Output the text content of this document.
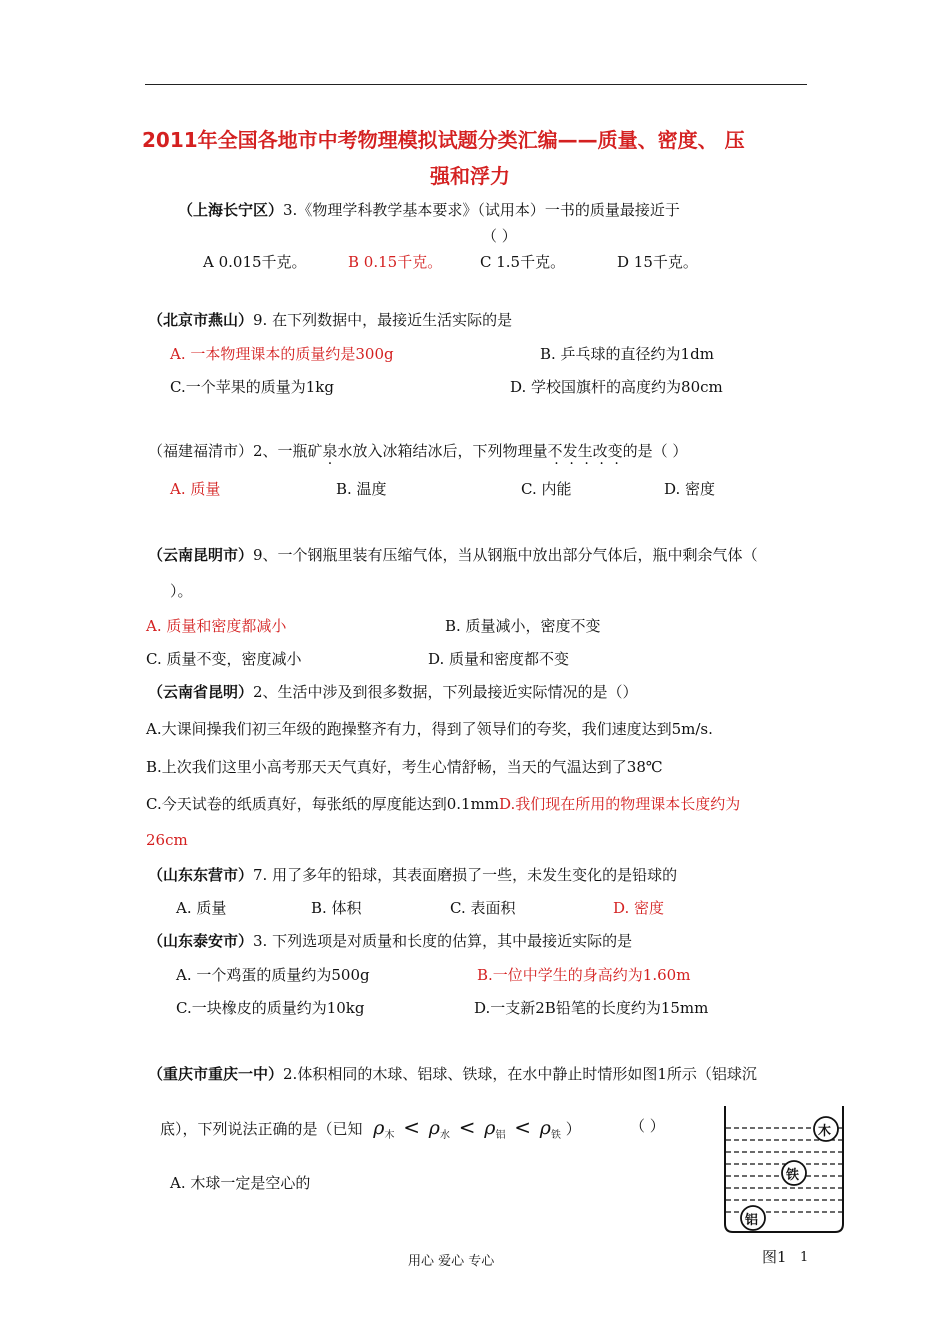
2011年全国各地市中考物理模拟试题分类汇编——质量、密度、 压
强和浮力
（上海长宁区）3.《物理学科教学基本要求》（试用本）一书的质量最接近于
（ ）
A 0.015千克。	B 0.15千克。	C 1.5千克。	D 15千克。
（北京市燕山）9. 在下列数据中，最接近生活实际的是
A. 一本物理课本的质量约是300g	B. 乒乓球的直径约为1dm
C.一个苹果的质量为1kg	D. 学校国旗杆的高度约为80cm
（福建福清市）2、一瓶矿泉水放入冰箱结冰后，下列物理量 .不发生改变的是（ ）
A. 质量	B. 温度	C. 内能	D. 密度
（云南昆明市）9、一个钢瓶里装有压缩气体，当从钢瓶中放出部分气体后，瓶中剩余气体（
）。
A. 质量和密度都减小	B. 质量减小，密度不变
C. 质量不变，密度减小	D. 质量和密度都不变
（云南省昆明）2、生活中涉及到很多数据，下列最接近实际情况的是（）
A.大课间操我们初三年级的跑操整齐有力，得到了领导们的夸奖，我们速度达到5m/s.
B.上次我们这里小高考那天天气真好，考生心情舒畅，当天的气温达到了38℃
C.今天试卷的纸质真好，每张纸的厚度能达到0.1mmD.我们现在所用的物理课本长度约为
26cm
（山东东营市）7. 用了多年的铅球，其表面磨损了一些，未发生变化的是铅球的
A. 质量	B. 体积	C. 表面积	D. 密度
（山东泰安市）3. 下列选项是对质量和长度的估算，其中最接近实际的是
A. 一个鸡蛋的质量约为500g	B.一位中学生的身高约为1.60m
C.一块橡皮的质量约为10kg	D.一支新2B铅笔的长度约为15mm
（重庆市重庆一中）2.体积相同的木球、铝球、铁球，在水中静止时情形如图1所示（铝球沉
底），下列说法正确的是（已知 $\rho_木 < \rho_水 < \rho_铝 < \rho_铁$ ）	（ ）
A. 木球一定是空心的
木
铁
铝
图1
用心 爱心 专心	1
